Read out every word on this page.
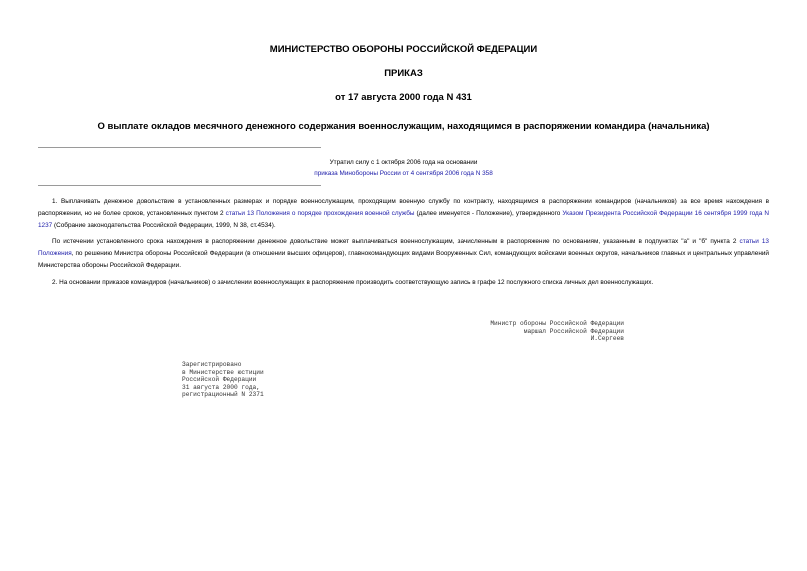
МИНИСТЕРСТВО ОБОРОНЫ РОССИЙСКОЙ ФЕДЕРАЦИИ
ПРИКАЗ
от 17 августа 2000 года N 431
О выплате окладов месячного денежного содержания военнослужащим, находящимся в распоряжении командира (начальника)
Утратил силу с 1 октября 2006 года на основании
приказа Минобороны России от 4 сентября 2006 года N 358
1. Выплачивать денежное довольствие в установленных размерах и порядке военнослужащим, проходящим военную службу по контракту, находящимся в распоряжении командиров (начальников) за все время нахождения в распоряжении, но не более сроков, установленных пунктом 2 статьи 13 Положения о порядке прохождения военной службы (далее именуется - Положение), утвержденного Указом Президента Российской Федерации 16 сентября 1999 года N 1237 (Собрание законодательства Российской Федерации, 1999, N 38, ст.4534).
По истечении установленного срока нахождения в распоряжении денежное довольствие может выплачиваться военнослужащим, зачисленным в распоряжение по основаниям, указанным в подпунктах "а" и "б" пункта 2 статьи 13 Положения, по решению Министра обороны Российской Федерации (в отношении высших офицеров), главнокомандующих видами Вооруженных Сил, командующих войсками военных округов, начальников главных и центральных управлений Министерства обороны Российской Федерации.
2. На основании приказов командиров (начальников) о зачислении военнослужащих в распоряжение производить соответствующую запись в графе 12 послужного списка личных дел военнослужащих.
Министр обороны Российской Федерации
маршал Российской Федерации
И.Сергеев
Зарегистрировано
в Министерстве юстиции
Российской Федерации
31 августа 2000 года,
регистрационный N 2371
